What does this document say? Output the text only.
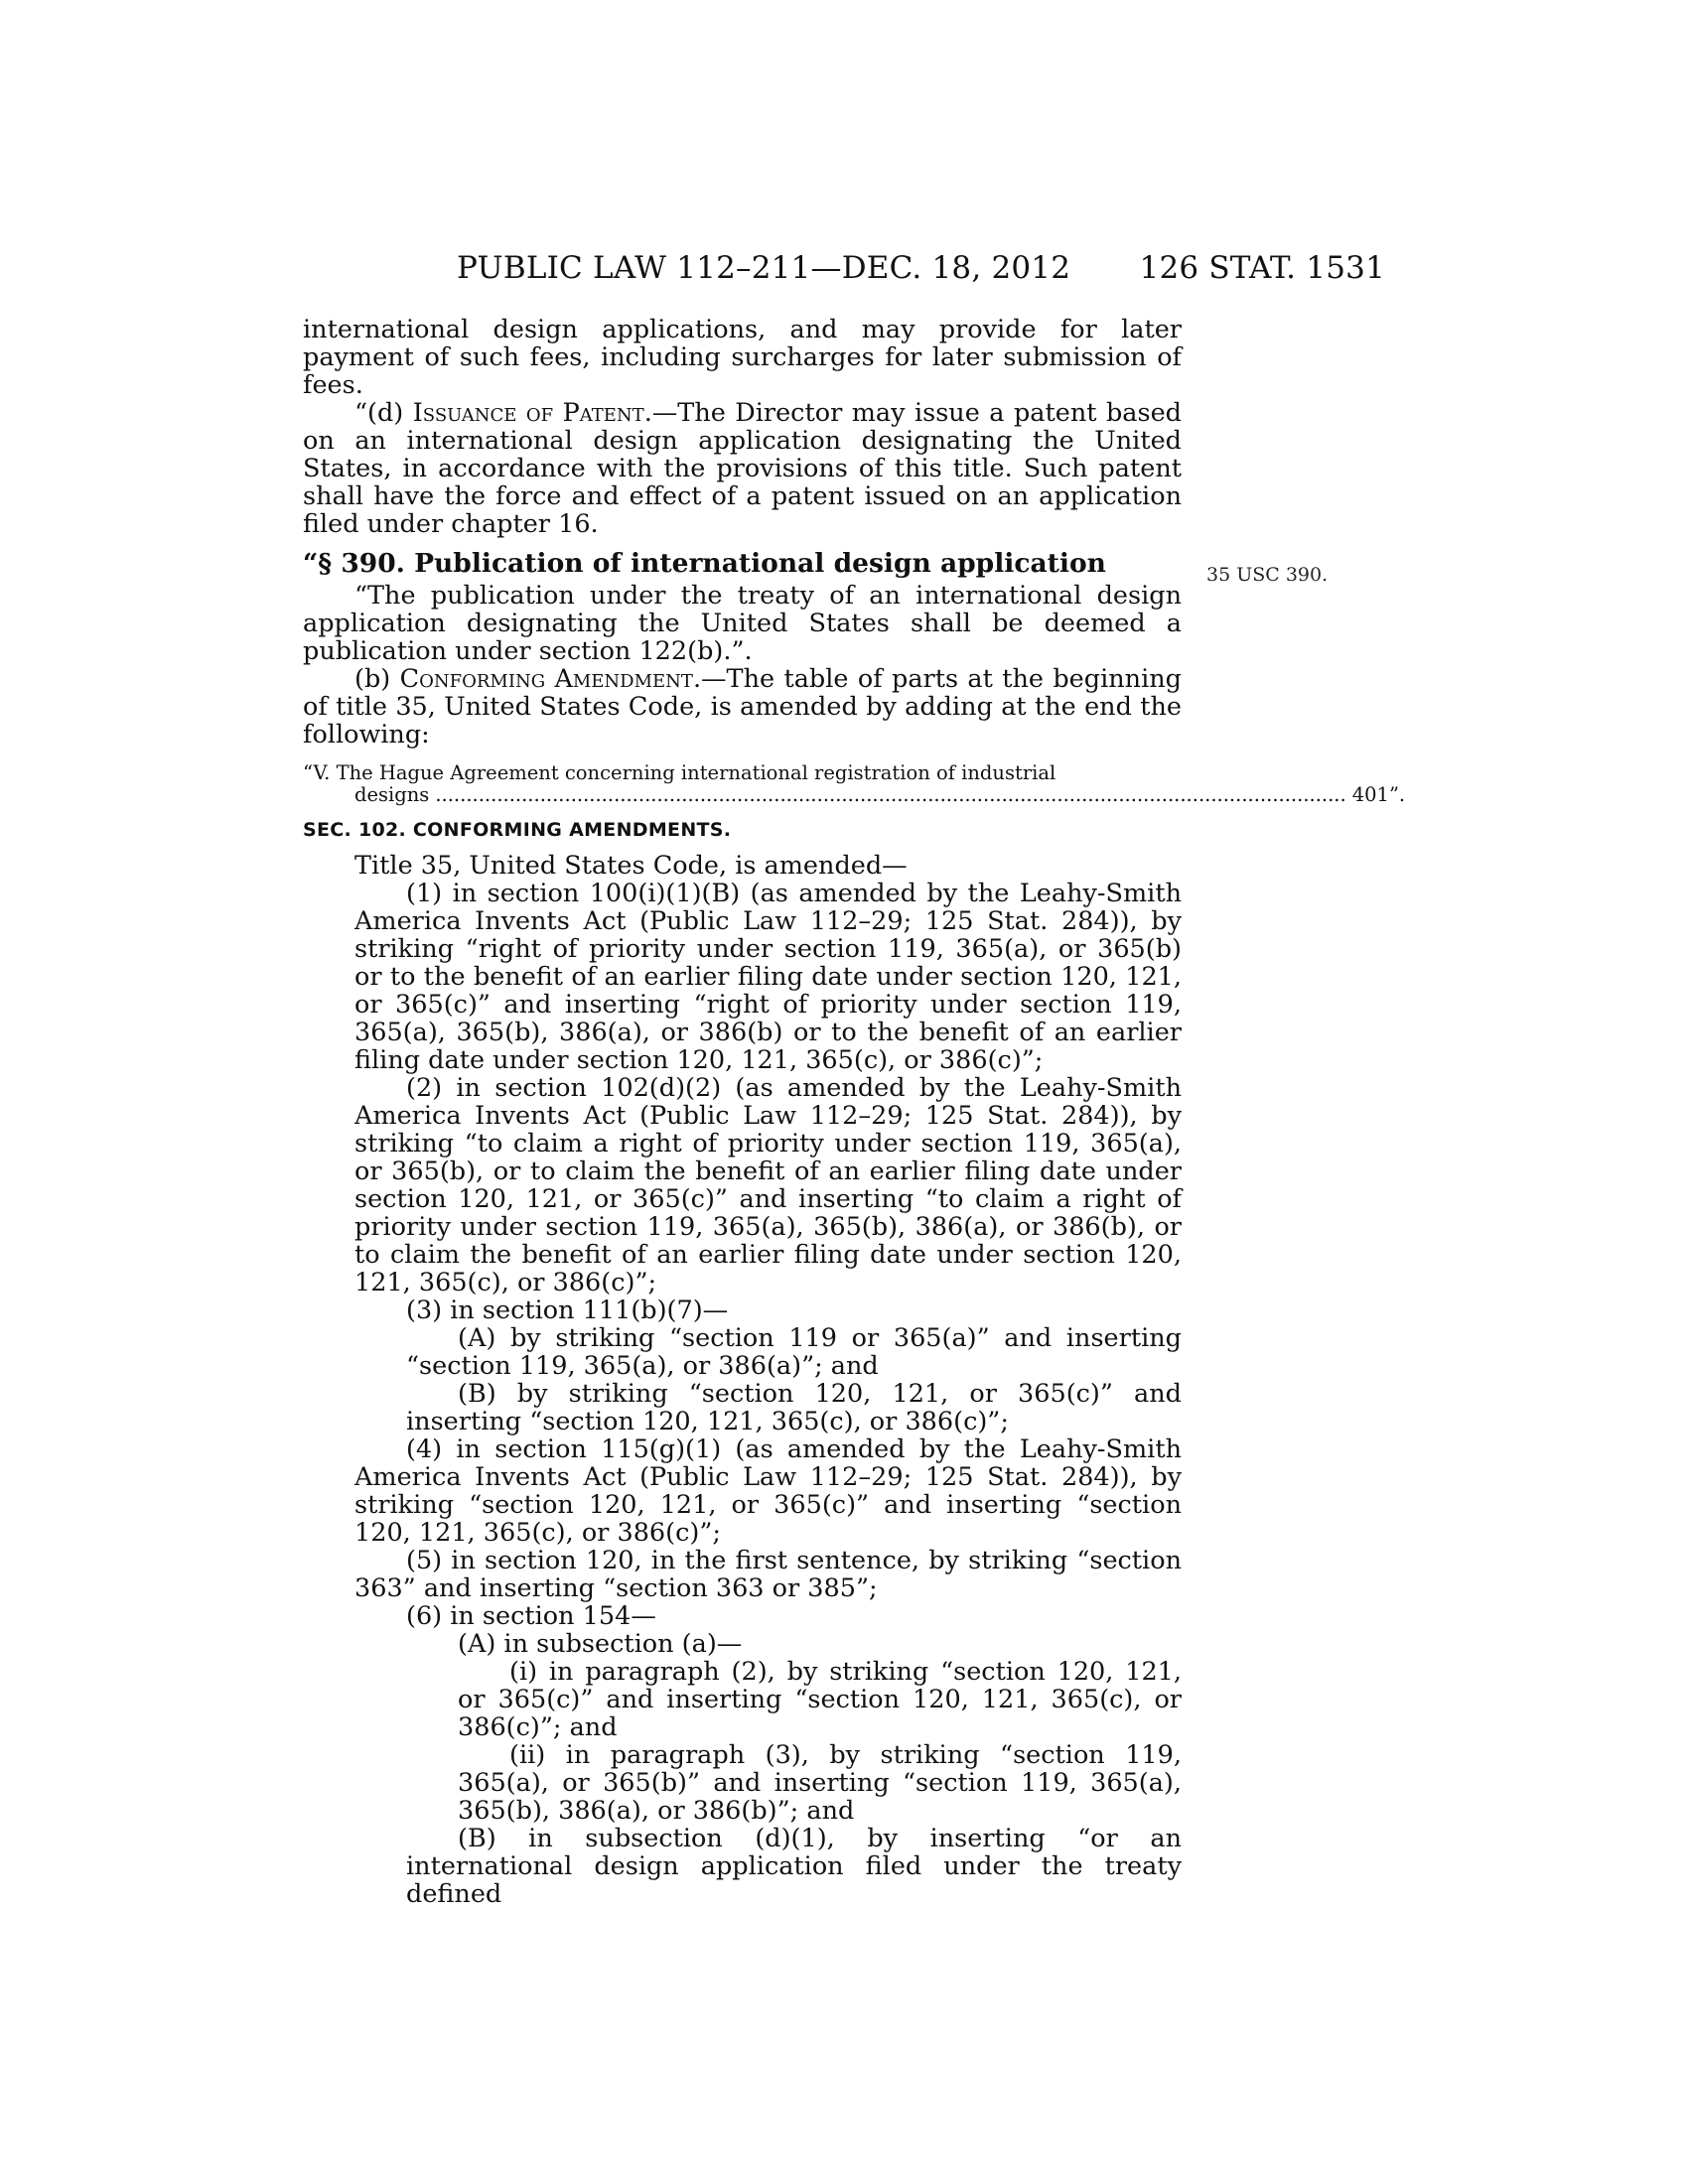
PUBLIC LAW 112–211—DEC. 18, 2012 126 STAT. 1531
35 USC 390.

international design applications, and may provide for later payment of such fees, including surcharges for later submission of fees.

“(d) Issuance of Patent.—The Director may issue a patent based on an international design application designating the United States, in accordance with the provisions of this title. Such patent shall have the force and effect of a patent issued on an application filed under chapter 16.

“§ 390. Publication of international design application

“The publication under the treaty of an international design application designating the United States shall be deemed a publication under section 122(b).”.

(b) Conforming Amendment.—The table of parts at the beginning of title 35, United States Code, is amended by adding at the end the following:

“V. The Hague Agreement concerning international registration of industrial
designs .................................................................................................................................................... 401”.

SEC. 102. CONFORMING AMENDMENTS.

Title 35, United States Code, is amended—

(1) in section 100(i)(1)(B) (as amended by the Leahy-Smith America Invents Act (Public Law 112–29; 125 Stat. 284)), by striking “right of priority under section 119, 365(a), or 365(b) or to the benefit of an earlier filing date under section 120, 121, or 365(c)” and inserting “right of priority under section 119, 365(a), 365(b), 386(a), or 386(b) or to the benefit of an earlier filing date under section 120, 121, 365(c), or 386(c)”;

(2) in section 102(d)(2) (as amended by the Leahy-Smith America Invents Act (Public Law 112–29; 125 Stat. 284)), by striking “to claim a right of priority under section 119, 365(a), or 365(b), or to claim the benefit of an earlier filing date under section 120, 121, or 365(c)” and inserting “to claim a right of priority under section 119, 365(a), 365(b), 386(a), or 386(b), or to claim the benefit of an earlier filing date under section 120, 121, 365(c), or 386(c)”;

(3) in section 111(b)(7)—

(A) by striking “section 119 or 365(a)” and inserting “section 119, 365(a), or 386(a)”; and

(B) by striking “section 120, 121, or 365(c)” and inserting “section 120, 121, 365(c), or 386(c)”;

(4) in section 115(g)(1) (as amended by the Leahy-Smith America Invents Act (Public Law 112–29; 125 Stat. 284)), by striking “section 120, 121, or 365(c)” and inserting “section 120, 121, 365(c), or 386(c)”;

(5) in section 120, in the first sentence, by striking “section 363” and inserting “section 363 or 385”;

(6) in section 154—

(A) in subsection (a)—

(i) in paragraph (2), by striking “section 120, 121, or 365(c)” and inserting “section 120, 121, 365(c), or 386(c)”; and

(ii) in paragraph (3), by striking “section 119, 365(a), or 365(b)” and inserting “section 119, 365(a), 365(b), 386(a), or 386(b)”; and

(B) in subsection (d)(1), by inserting “or an international design application filed under the treaty defined
